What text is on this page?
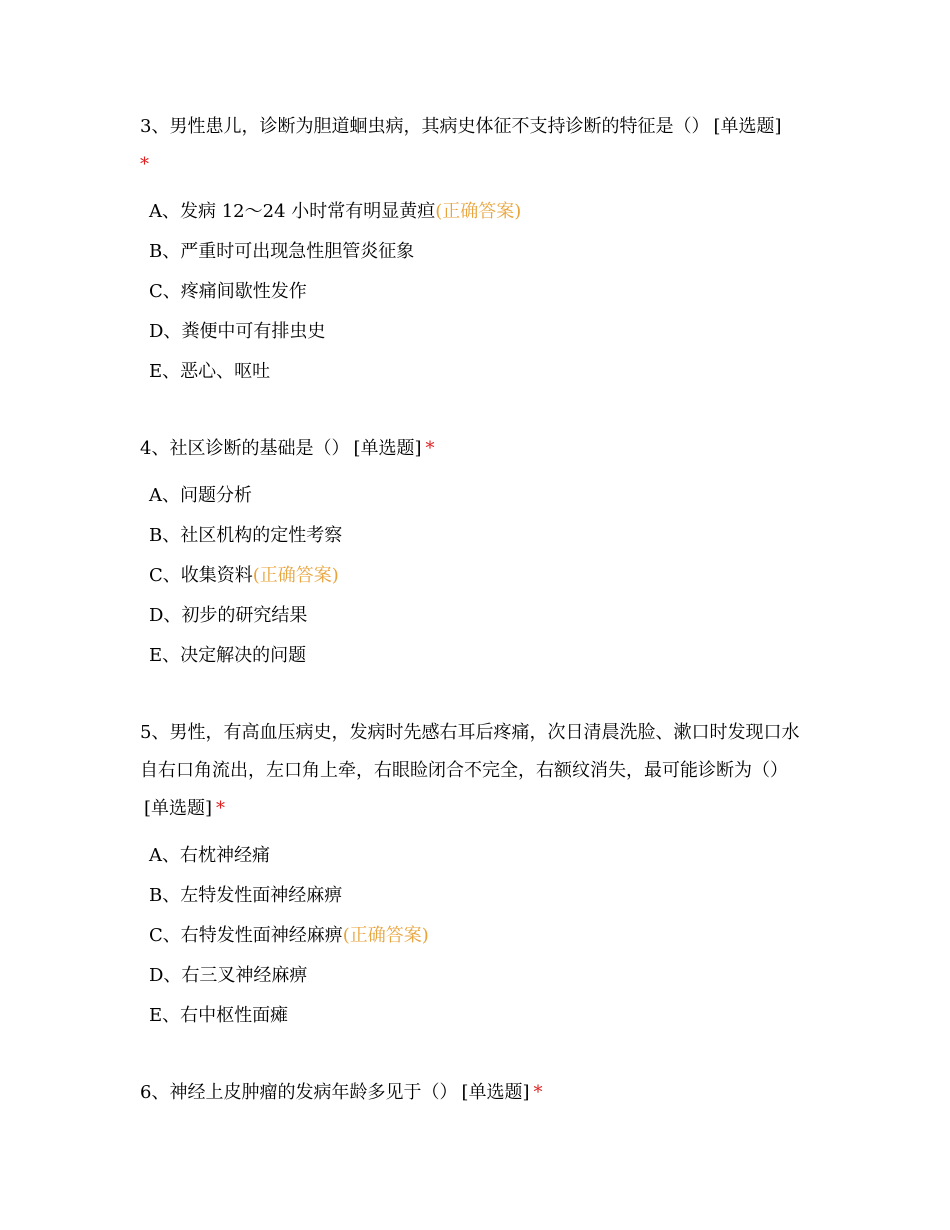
3、男性患儿，诊断为胆道蛔虫病，其病史体征不支持诊断的特征是（） [单选题]
*
A、发病 12～24 小时常有明显黄疸(正确答案)
B、严重时可出现急性胆管炎征象
C、疼痛间歇性发作
D、粪便中可有排虫史
E、恶心、呕吐
4、社区诊断的基础是（） [单选题] *
A、问题分析
B、社区机构的定性考察
C、收集资料(正确答案)
D、初步的研究结果
E、决定解决的问题
5、男性，有高血压病史，发病时先感右耳后疼痛，次日清晨洗脸、漱口时发现口水自右口角流出，左口角上牵，右眼睑闭合不完全，右额纹消失，最可能诊断为（）[单选题] *
A、右枕神经痛
B、左特发性面神经麻痹
C、右特发性面神经麻痹(正确答案)
D、右三叉神经麻痹
E、右中枢性面瘫
6、神经上皮肿瘤的发病年龄多见于（） [单选题] *
